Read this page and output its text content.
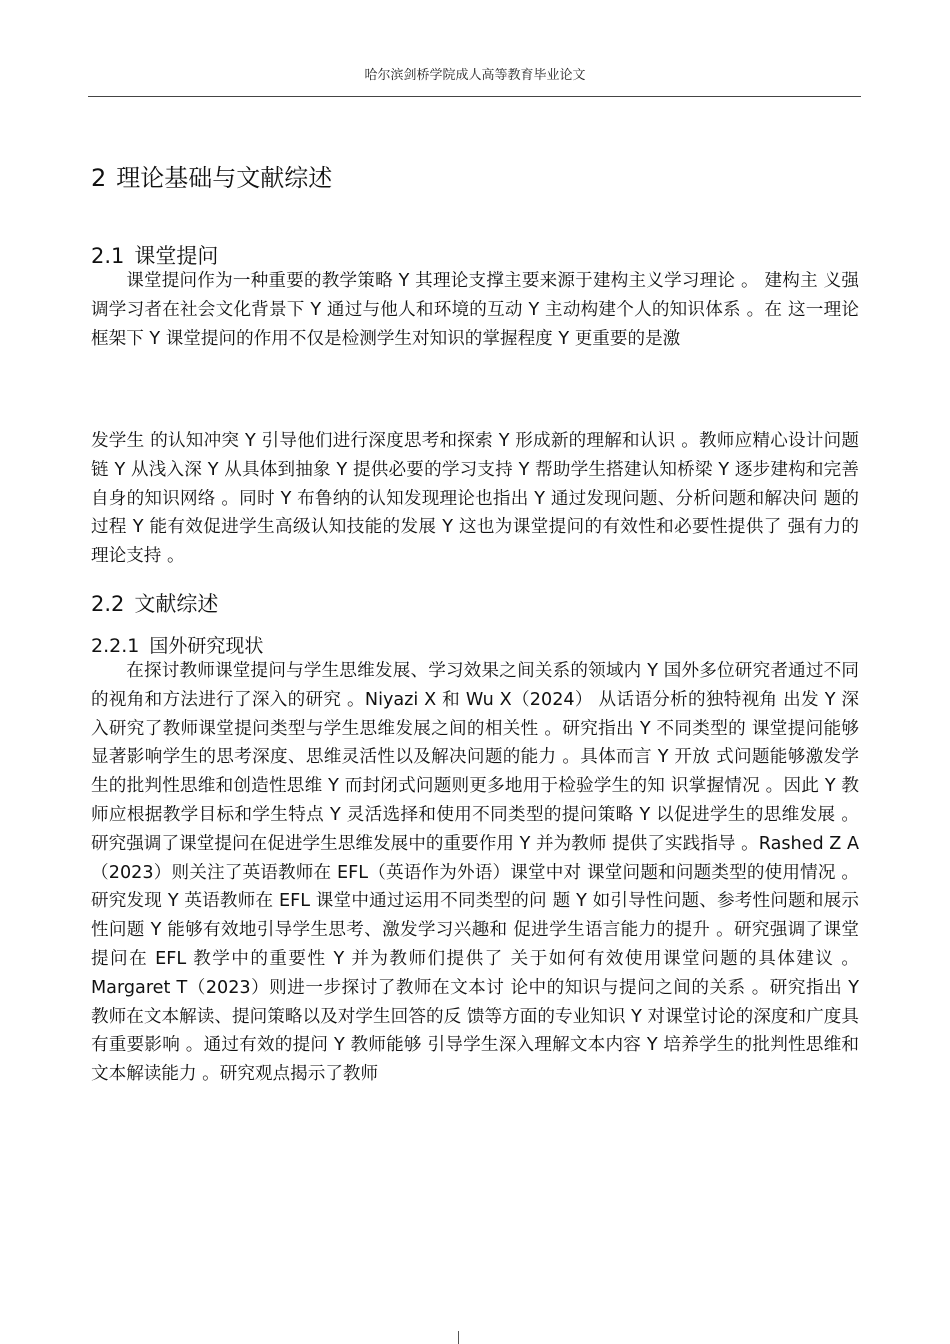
哈尔滨剑桥学院成人高等教育毕业论文
2 理论基础与文献综述
2.1 课堂提问

课堂提问作为一种重要的教学策略 Y 其理论支撑主要来源于建构主义学习理论 。 建构主 义强调学习者在社会文化背景下 Y 通过与他人和环境的互动 Y 主动构建个人的知识体系 。在 这一理论框架下 Y 课堂提问的作用不仅是检测学生对知识的掌握程度 Y 更重要的是激

发学生 的认知冲突 Y 引导他们进行深度思考和探索 Y 形成新的理解和认识 。教师应精心设计问题链 Y 从浅入深 Y 从具体到抽象 Y 提供必要的学习支持 Y 帮助学生搭建认知桥梁 Y 逐步建构和完善 自身的知识网络 。同时 Y 布鲁纳的认知发现理论也指出 Y 通过发现问题、分析问题和解决问 题的过程 Y 能有效促进学生高级认知技能的发展 Y 这也为课堂提问的有效性和必要性提供了 强有力的理论支持 。

2.2 文献综述
2.2.1 国外研究现状

在探讨教师课堂提问与学生思维发展、学习效果之间关系的领域内 Y 国外多位研究者通过不同的视角和方法进行了深入的研究 。Niyazi X 和 Wu X（2024） 从话语分析的独特视角 出发 Y 深入研究了教师课堂提问类型与学生思维发展之间的相关性 。研究指出 Y 不同类型的 课堂提问能够显著影响学生的思考深度、思维灵活性以及解决问题的能力 。具体而言 Y 开放 式问题能够激发学生的批判性思维和创造性思维 Y 而封闭式问题则更多地用于检验学生的知 识掌握情况 。因此 Y 教师应根据教学目标和学生特点 Y 灵活选择和使用不同类型的提问策略 Y 以促进学生的思维发展 。研究强调了课堂提问在促进学生思维发展中的重要作用 Y 并为教师 提供了实践指导 。Rashed Z A（2023）则关注了英语教师在 EFL（英语作为外语）课堂中对 课堂问题和问题类型的使用情况 。研究发现 Y 英语教师在 EFL 课堂中通过运用不同类型的问 题 Y 如引导性问题、参考性问题和展示性问题 Y 能够有效地引导学生思考、激发学习兴趣和 促进学生语言能力的提升 。研究强调了课堂提问在 EFL 教学中的重要性 Y 并为教师们提供了 关于如何有效使用课堂问题的具体建议 。Margaret T（2023）则进一步探讨了教师在文本讨 论中的知识与提问之间的关系 。研究指出 Y 教师在文本解读、提问策略以及对学生回答的反 馈等方面的专业知识 Y 对课堂讨论的深度和广度具有重要影响 。通过有效的提问 Y 教师能够 引导学生深入理解文本内容 Y 培养学生的批判性思维和文本解读能力 。研究观点揭示了教师
